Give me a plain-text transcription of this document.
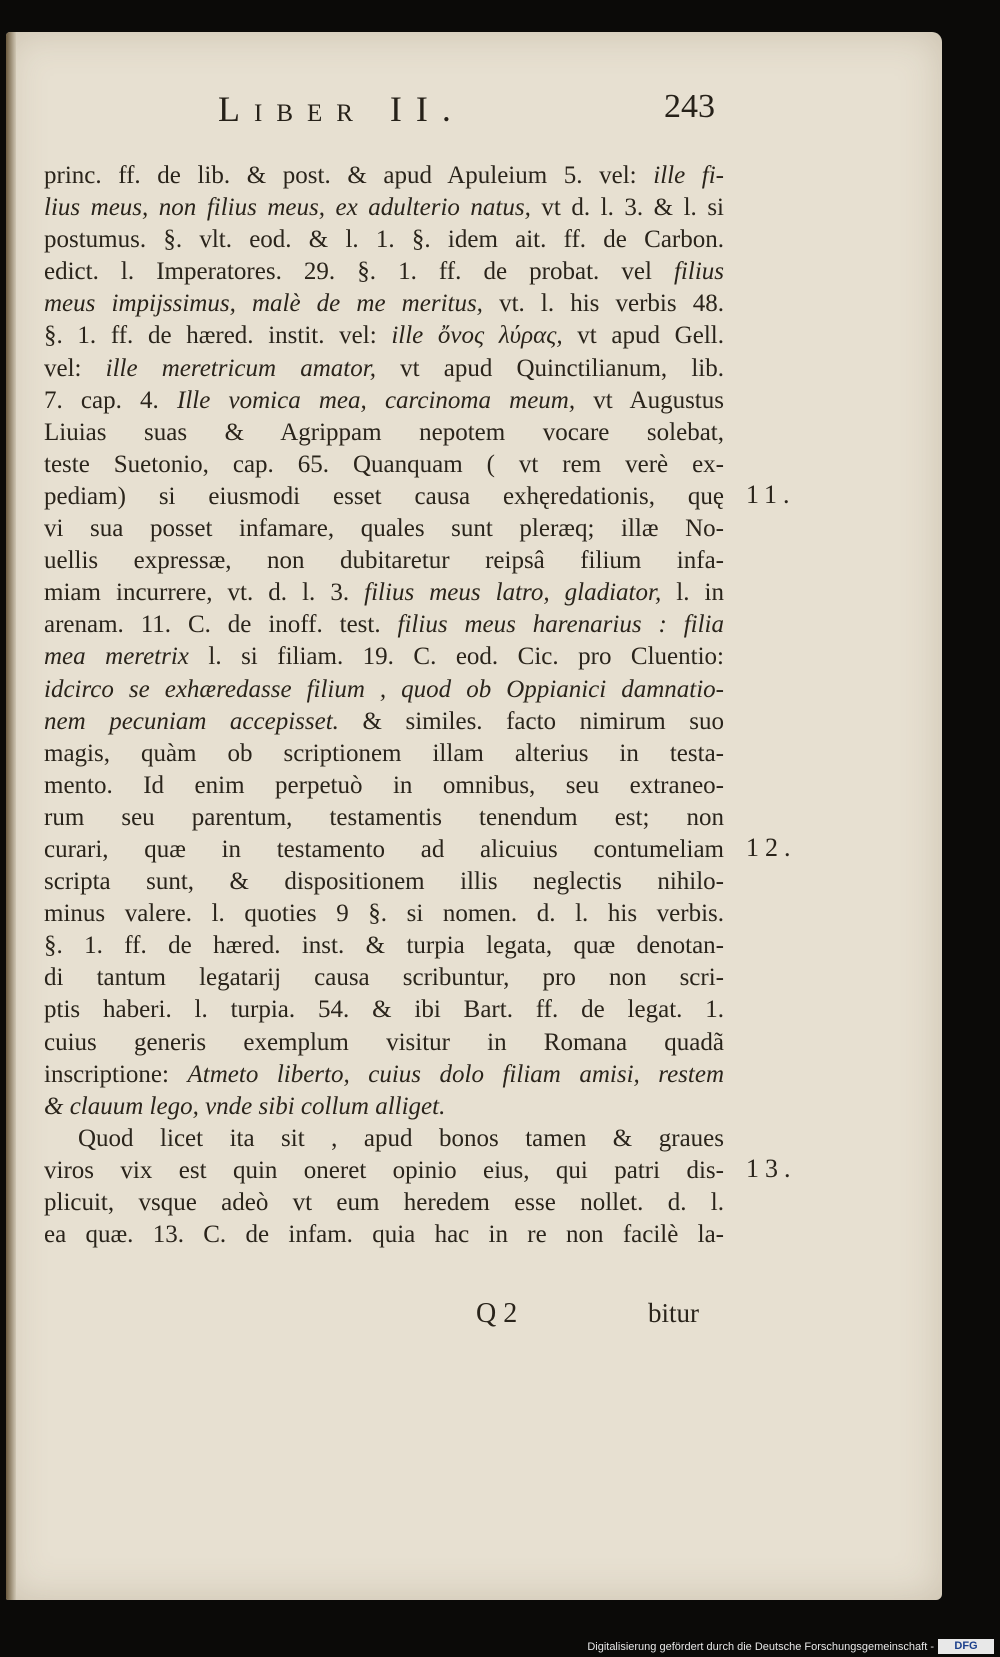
Liber II.	243
princ. ff. de lib. & post. & apud Apuleium 5. vel: ille fi-
lius meus, non filius meus, ex adulterio natus, vt d. l. 3. & l. si
postumus. §. vlt. eod. & l. 1. §. idem ait. ff. de Carbon.
edict. l. Imperatores. 29. §. 1. ff. de probat. vel filius
meus impijssimus, malè de me meritus, vt. l. his verbis 48.
§. 1. ff. de hæred. instit. vel: ille ὄνος λύρας, vt apud Gell.
vel: ille meretricum amator, vt apud Quinctilianum, lib.
7. cap. 4. Ille vomica mea, carcinoma meum, vt Augustus
Liuias suas & Agrippam nepotem vocare solebat,
teste Suetonio, cap. 65. Quanquam ( vt rem verè ex-
pediam) si eiusmodi esset causa exhęredationis, quę
vi sua posset infamare, quales sunt pleræq; illæ No-
uellis expressæ, non dubitaretur reipsâ filium infa-
miam incurrere, vt. d. l. 3. filius meus latro, gladiator, l. in
arenam. 11. C. de inoff. test. filius meus harenarius : filia
mea meretrix l. si filiam. 19. C. eod. Cic. pro Cluentio:
idcirco se exhæredasse filium , quod ob Oppianici damnatio-
nem pecuniam accepisset. & similes. facto nimirum suo
magis, quàm ob scriptionem illam alterius in testa-
mento. Id enim perpetuò in omnibus, seu extraneo-
rum seu parentum, testamentis tenendum est; non
curari, quæ in testamento ad alicuius contumeliam
scripta sunt, & dispositionem illis neglectis nihilo-
minus valere. l. quoties 9 §. si nomen. d. l. his verbis.
§. 1. ff. de hæred. inst. & turpia legata, quæ denotan-
di tantum legatarij causa scribuntur, pro non scri-
ptis haberi. l. turpia. 54. & ibi Bart. ff. de legat. 1.
cuius generis exemplum visitur in Romana quadã
inscriptione: Atmeto liberto, cuius dolo filiam amisi, restem
& clauum lego, vnde sibi collum alliget.
Quod licet ita sit , apud bonos tamen & graues
viros vix est quin oneret opinio eius, qui patri dis-
plicuit, vsque adeò vt eum heredem esse nollet. d. l.
ea quæ. 13. C. de infam. quia hac in re non facilè la-
11.
12.
13.
Q 2	bitur
Digitalisierung gefördert durch die Deutsche Forschungsgemeinschaft -	DFG
